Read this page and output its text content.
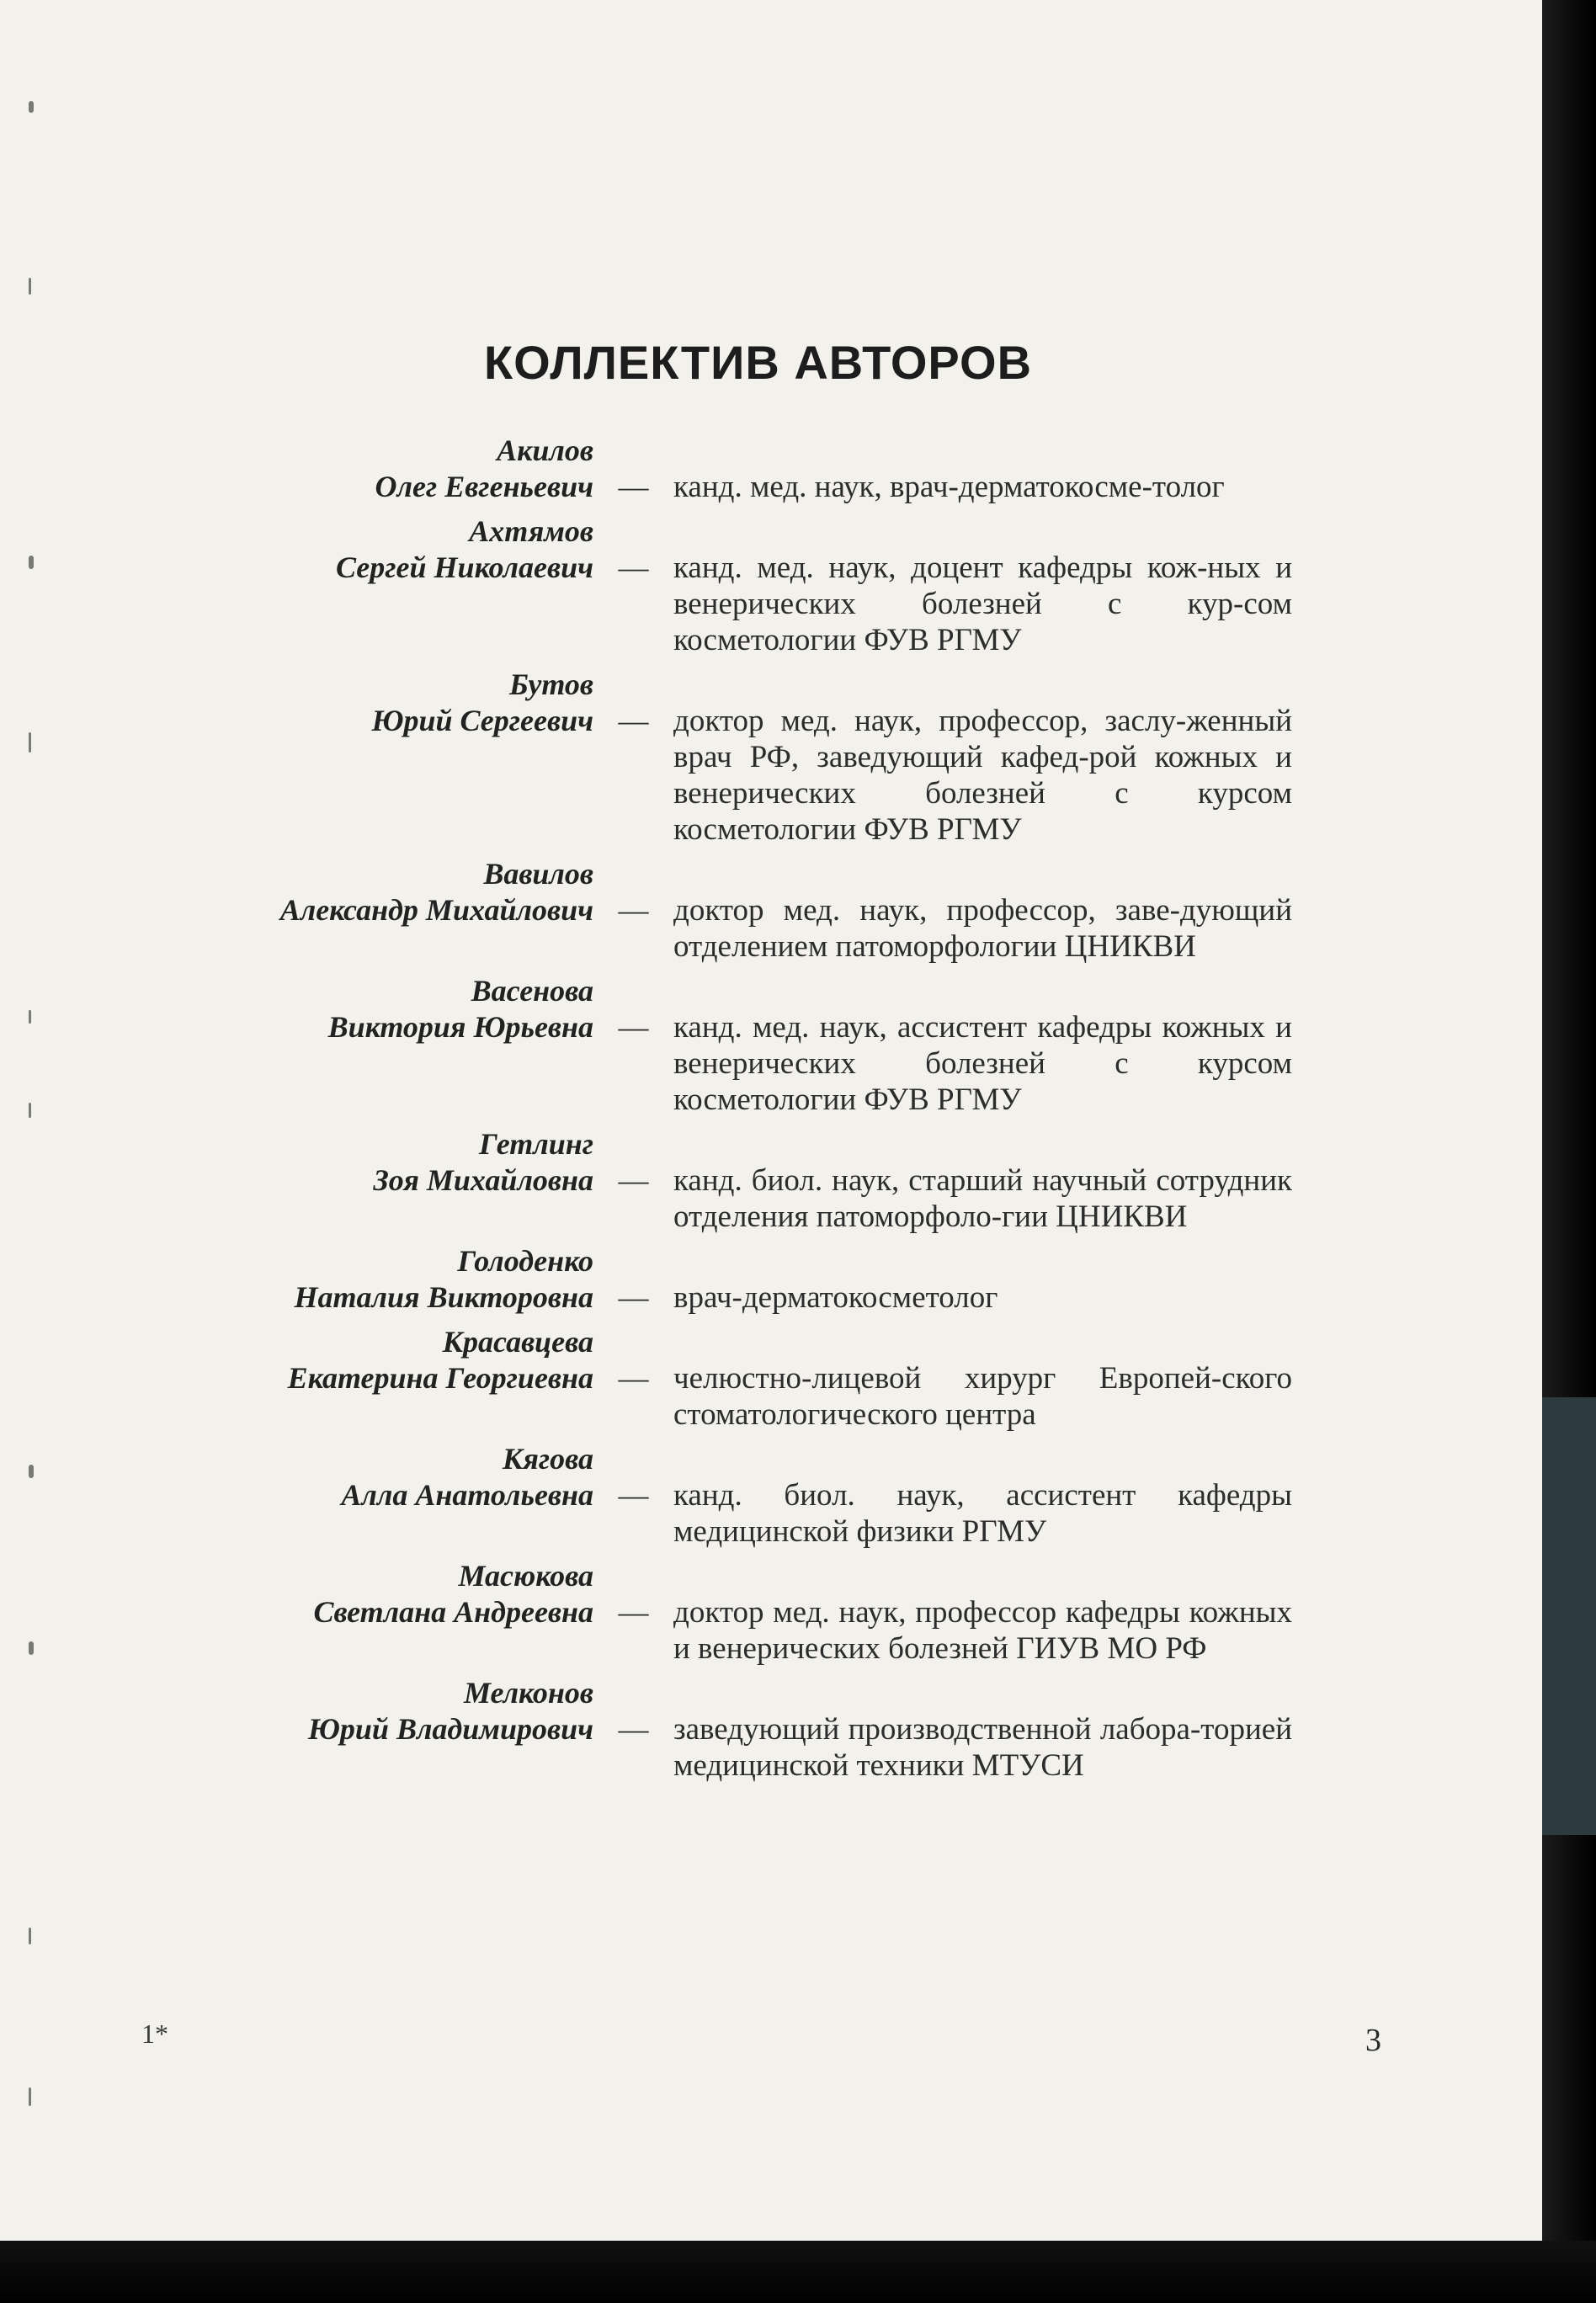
КОЛЛЕКТИВ АВТОРОВ
Акилов
Олег Евгеньевич — канд. мед. наук, врач-дерматокосме-толог
Ахтямов
Сергей Николаевич — канд. мед. наук, доцент кафедры кож-ных и венерических болезней с кур-сом косметологии ФУВ РГМУ
Бутов
Юрий Сергеевич — доктор мед. наук, профессор, заслу-женный врач РФ, заведующий кафед-рой кожных и венерических болезней с курсом косметологии ФУВ РГМУ
Вавилов
Александр Михайлович — доктор мед. наук, профессор, заве-дующий отделением патоморфологии ЦНИКВИ
Васенова
Виктория Юрьевна — канд. мед. наук, ассистент кафедры кожных и венерических болезней с курсом косметологии ФУВ РГМУ
Гетлинг
Зоя Михайловна — канд. биол. наук, старший научный сотрудник отделения патоморфоло-гии ЦНИКВИ
Голоденко
Наталия Викторовна — врач-дерматокосметолог
Красавцева
Екатерина Георгиевна — челюстно-лицевой хирург Европей-ского стоматологического центра
Кягова
Алла Анатольевна — канд. биол. наук, ассистент кафедры медицинской физики РГМУ
Масюкова
Светлана Андреевна — доктор мед. наук, профессор кафедры кожных и венерических болезней ГИУВ МО РФ
Мелконов
Юрий Владимирович — заведующий производственной лабора-торией медицинской техники МТУСИ
1*	3
